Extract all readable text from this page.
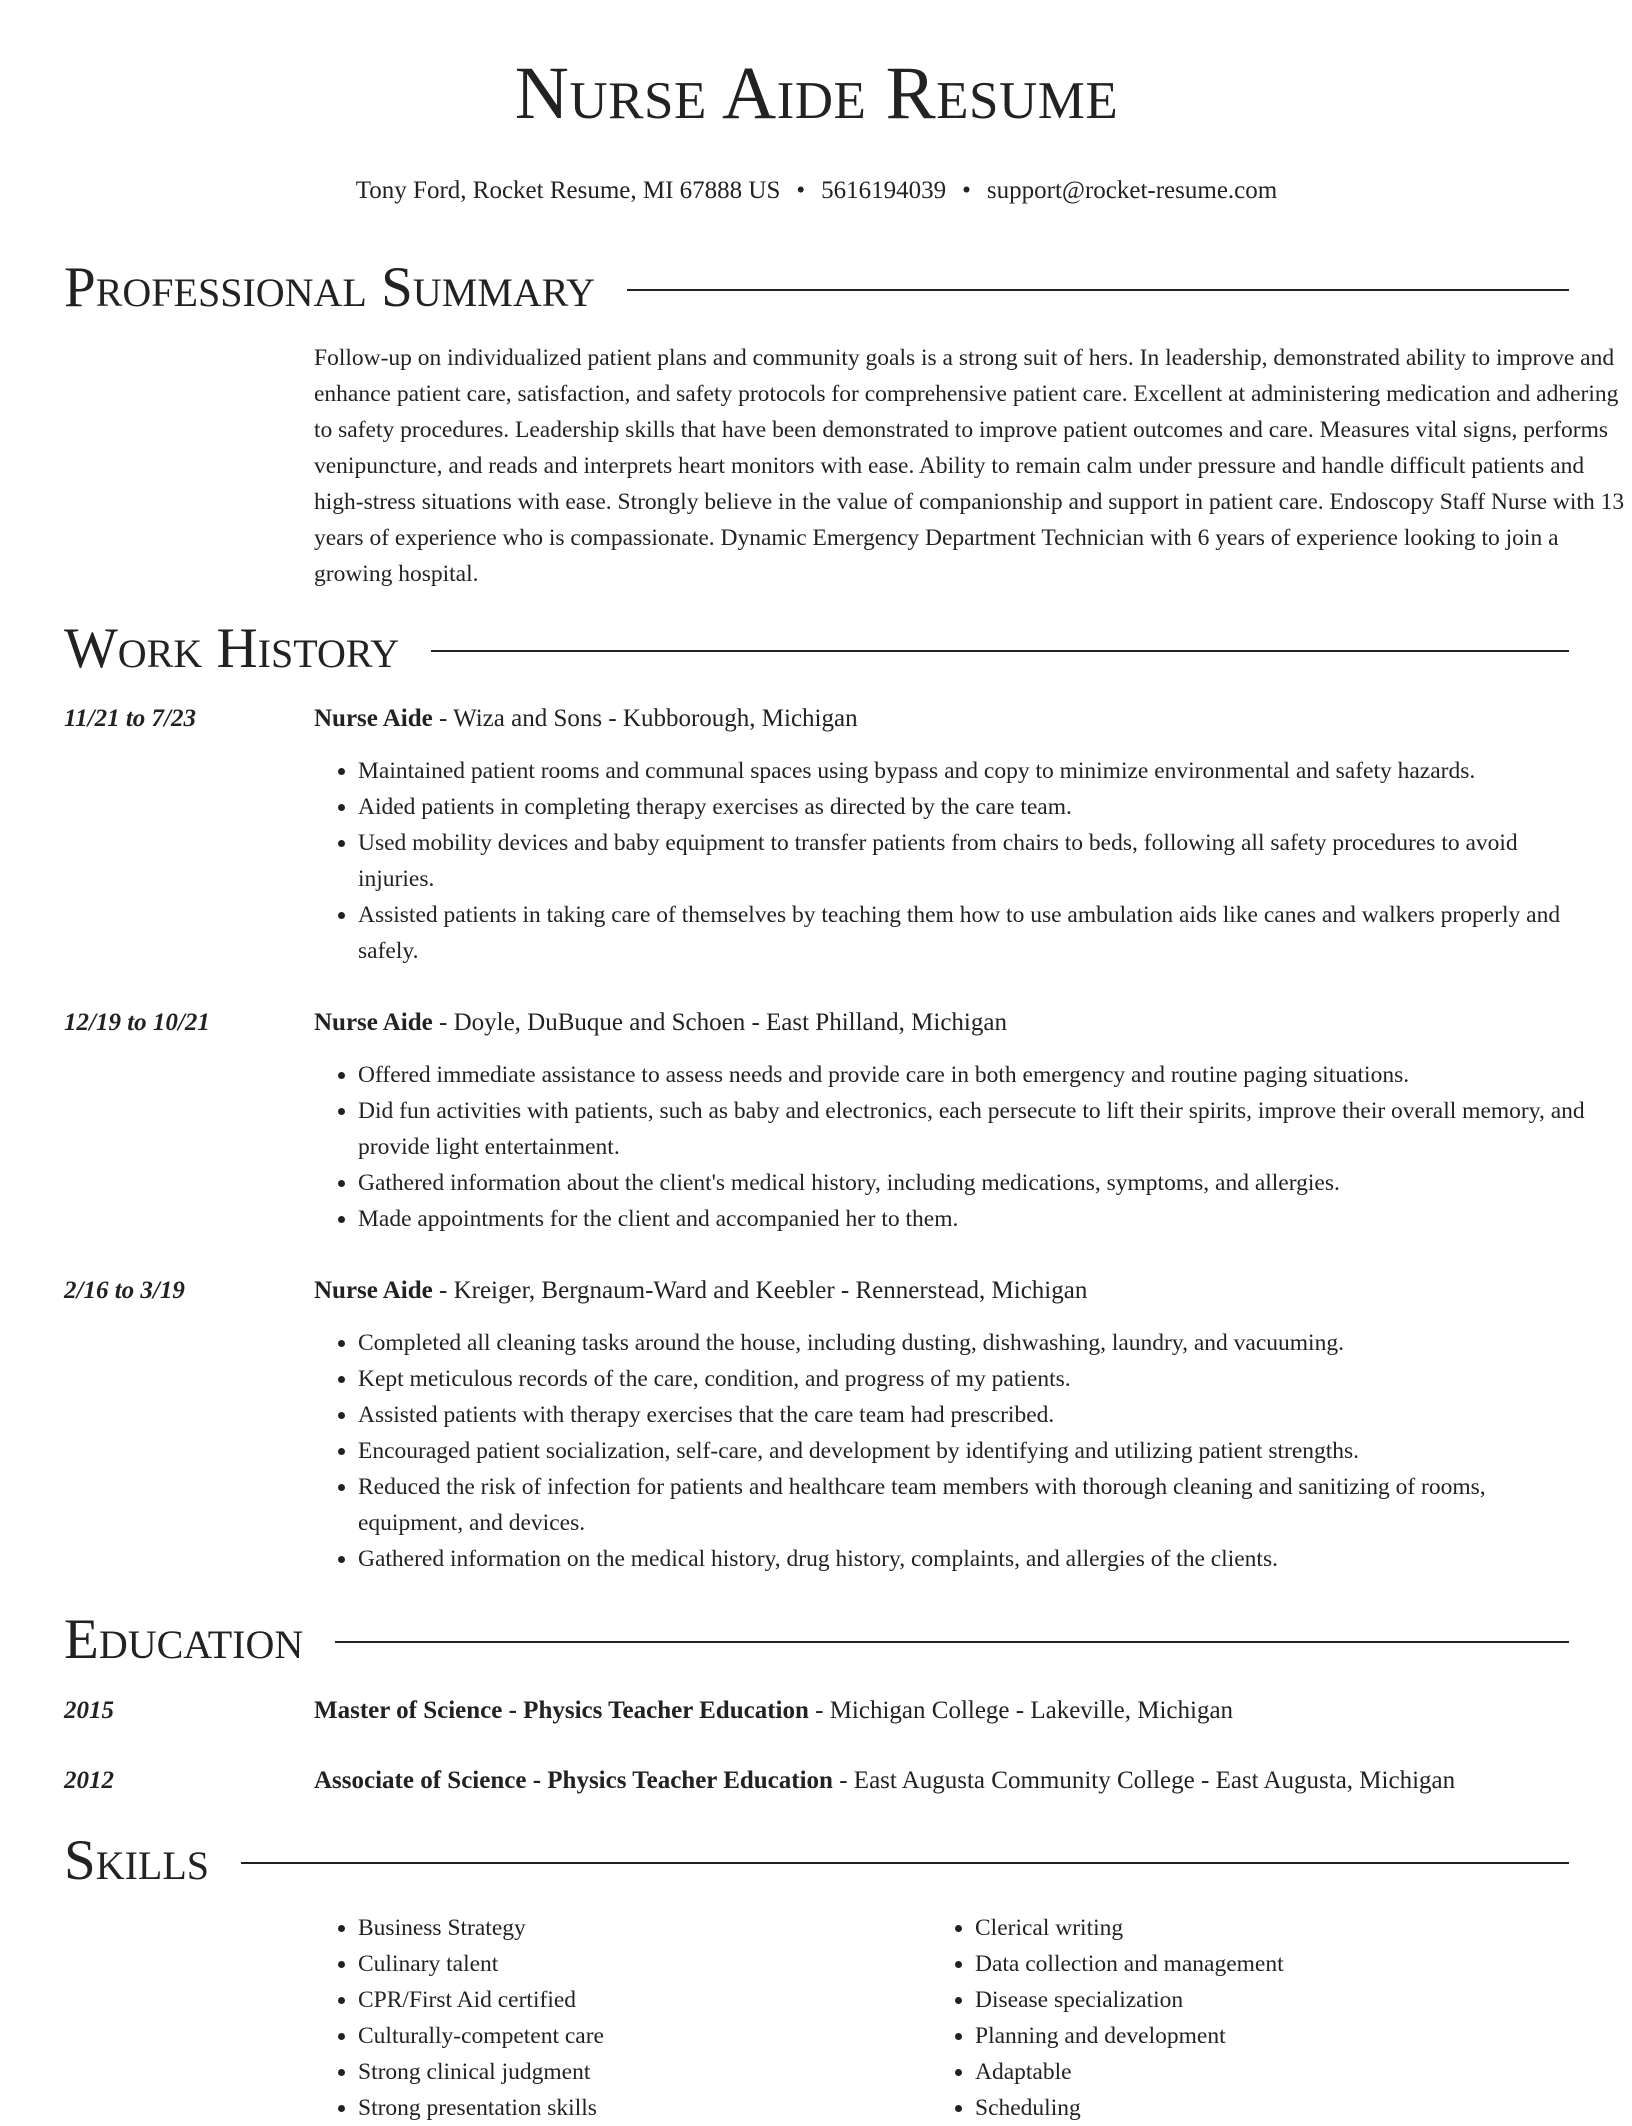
Nurse Aide Resume
Tony Ford, Rocket Resume, MI 67888 US • 5616194039 • support@rocket-resume.com
Professional Summary

Follow-up on individualized patient plans and community goals is a strong suit of hers. In leadership, demonstrated ability to improve and enhance patient care, satisfaction, and safety protocols for comprehensive patient care. Excellent at administering medication and adhering to safety procedures. Leadership skills that have been demonstrated to improve patient outcomes and care. Measures vital signs, performs venipuncture, and reads and interprets heart monitors with ease. Ability to remain calm under pressure and handle difficult patients and high-stress situations with ease. Strongly believe in the value of companionship and support in patient care. Endoscopy Staff Nurse with 13 years of experience who is compassionate. Dynamic Emergency Department Technician with 6 years of experience looking to join a growing hospital.

Work History
11/21 to 7/23	Nurse Aide - Wiza and Sons - Kubborough, Michigan
• Maintained patient rooms and communal spaces using bypass and copy to minimize environmental and safety hazards.
• Aided patients in completing therapy exercises as directed by the care team.
• Used mobility devices and baby equipment to transfer patients from chairs to beds, following all safety procedures to avoid injuries.
• Assisted patients in taking care of themselves by teaching them how to use ambulation aids like canes and walkers properly and safely.
12/19 to 10/21	Nurse Aide - Doyle, DuBuque and Schoen - East Philland, Michigan
• Offered immediate assistance to assess needs and provide care in both emergency and routine paging situations.
• Did fun activities with patients, such as baby and electronics, each persecute to lift their spirits, improve their overall memory, and provide light entertainment.
• Gathered information about the client's medical history, including medications, symptoms, and allergies.
• Made appointments for the client and accompanied her to them.
2/16 to 3/19	Nurse Aide - Kreiger, Bergnaum-Ward and Keebler - Rennerstead, Michigan
• Completed all cleaning tasks around the house, including dusting, dishwashing, laundry, and vacuuming.
• Kept meticulous records of the care, condition, and progress of my patients.
• Assisted patients with therapy exercises that the care team had prescribed.
• Encouraged patient socialization, self-care, and development by identifying and utilizing patient strengths.
• Reduced the risk of infection for patients and healthcare team members with thorough cleaning and sanitizing of rooms, equipment, and devices.
• Gathered information on the medical history, drug history, complaints, and allergies of the clients.
Education
2015	Master of Science - Physics Teacher Education - Michigan College - Lakeville, Michigan
2012	Associate of Science - Physics Teacher Education - East Augusta Community College - East Augusta, Michigan
Skills
• Business Strategy
• Culinary talent
• CPR/First Aid certified
• Culturally-competent care
• Strong clinical judgment
• Strong presentation skills
• Clerical writing
• Data collection and management
• Disease specialization
• Planning and development
• Adaptable
• Scheduling
